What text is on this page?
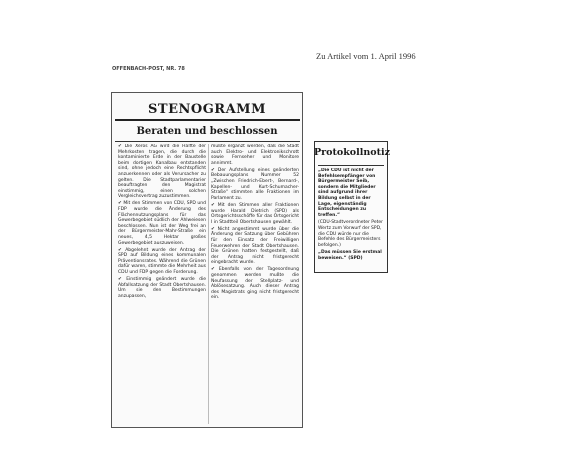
Zu Artikel vom 1. April 1996
OFFENBACH-POST, NR. 78
STENOGRAMM
Beraten und beschlossen

✔ Die Xeros AG wird die Hälfte der Mehrkosten tragen, die durch die kontaminierte Erde in der Baustelle beim dortigen Kanalbau entstanden sind, ohne jedoch eine Rechtspflicht anzuerkennen oder als Verursacher zu gelten. Die Stadtparlamentarier beauftragten den Magistrat einstimmig, einen solchen Vergleichsvertrag zuzustimmen.

✔ Mit den Stimmen von CDU, SPD und FDP wurde die Änderung des Flächennutzungsplans für das Gewerbegebiet südlich der Ahlweiesen beschlossen. Nun ist der Weg frei an der Bürgermeister-Mahr-Straße ein neues, 4,5 Hektar großes Gewerbegebiet auszuweisen.

✔ Abgelehnt wurde der Antrag der SPD auf Bildung eines kommunalen Präventionsrates. Während die Grünen dafür waren, stimmte die Mehrheit aus CDU und FDP gegen die Forderung.

✔ Einstimmig geändert wurde die Abfallsatzung der Stadt Obertshausen. Um sie den Bestimmungen anzupassen,

mußte ergänzt werden, daß die Stadt auch Elektro- und Elektronikschrott sowie Fernseher und Monitore annimmt.

✔ Der Aufstellung eines geänderten Bebauungsplans Nummer 52 „Zwischen Friedrich-Ebert-, Bernard-, Kapellen- und Kurt-Schumacher-Straße“ stimmten alle Fraktionen im Parlament zu.

✔ Mit den Stimmen aller Fraktionen wurde Harald Dietrich (SPD) als Ortsgerichtsschöffe für das Ortsgericht I in Stadtteil Obertshausen gewählt.

✔ Nicht angestimmt wurde über die Änderung der Satzung über Gebühren für den Einsatz der Freiwilligen Feuerwehren der Stadt Obertshausen. Die Grünen hatten festgestellt, daß der Antrag nicht fristgerecht eingebracht wurde.

✔ Ebenfalls von der Tagesordnung genommen werden mußte die Neufassung der Stellplatz- und Ablösesatzung. Auch dieser Antrag des Magistrats ging nicht fristgerecht ein.

Protokollnotiz

„Die CDU ist nicht der Befehlsempfänger von Bürgermeister Seib, sondern die Mitglieder sind aufgrund ihrer Bildung selbst in der Lage, eigenständig Entscheidungen zu treffen.“

(CDU-Stadtverordneter Peter Wertz zum Vorwurf der SPD, die CDU würde nur die Befehle des Bürgermeisters befolgen.)

„Das müssen Sie erstmal beweisen.“ (SPD)
